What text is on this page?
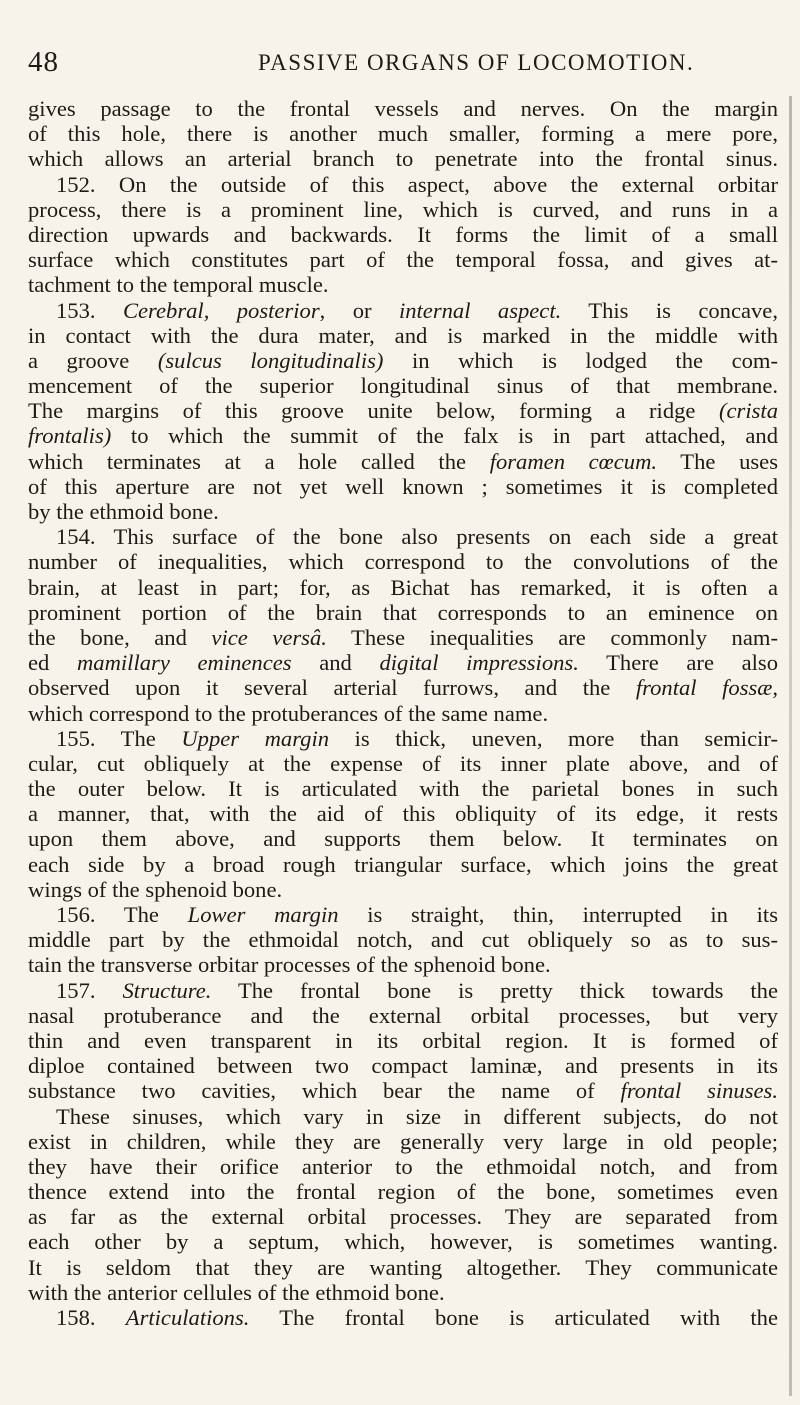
48	PASSIVE ORGANS OF LOCOMOTION.
gives passage to the frontal vessels and nerves. On the margin
of this hole, there is another much smaller, forming a mere pore,
which allows an arterial branch to penetrate into the frontal sinus.
152. On the outside of this aspect, above the external orbitar
process, there is a prominent line, which is curved, and runs in a
direction upwards and backwards. It forms the limit of a small
surface which constitutes part of the temporal fossa, and gives at-
tachment to the temporal muscle.
153. Cerebral, posterior, or internal aspect. This is concave,
in contact with the dura mater, and is marked in the middle with
a groove (sulcus longitudinalis) in which is lodged the com-
mencement of the superior longitudinal sinus of that membrane.
The margins of this groove unite below, forming a ridge (crista
frontalis) to which the summit of the falx is in part attached, and
which terminates at a hole called the foramen cœcum. The uses
of this aperture are not yet well known ; sometimes it is completed
by the ethmoid bone.
154. This surface of the bone also presents on each side a great
number of inequalities, which correspond to the convolutions of the
brain, at least in part; for, as Bichat has remarked, it is often a
prominent portion of the brain that corresponds to an eminence on
the bone, and vice versâ. These inequalities are commonly nam-
ed mamillary eminences and digital impressions. There are also
observed upon it several arterial furrows, and the frontal fossæ,
which correspond to the protuberances of the same name.
155. The Upper margin is thick, uneven, more than semicir-
cular, cut obliquely at the expense of its inner plate above, and of
the outer below. It is articulated with the parietal bones in such
a manner, that, with the aid of this obliquity of its edge, it rests
upon them above, and supports them below. It terminates on
each side by a broad rough triangular surface, which joins the great
wings of the sphenoid bone.
156. The Lower margin is straight, thin, interrupted in its
middle part by the ethmoidal notch, and cut obliquely so as to sus-
tain the transverse orbitar processes of the sphenoid bone.
157. Structure. The frontal bone is pretty thick towards the
nasal protuberance and the external orbital processes, but very
thin and even transparent in its orbital region. It is formed of
diploe contained between two compact laminæ, and presents in its
substance two cavities, which bear the name of frontal sinuses.
These sinuses, which vary in size in different subjects, do not
exist in children, while they are generally very large in old people;
they have their orifice anterior to the ethmoidal notch, and from
thence extend into the frontal region of the bone, sometimes even
as far as the external orbital processes. They are separated from
each other by a septum, which, however, is sometimes wanting.
It is seldom that they are wanting altogether. They communicate
with the anterior cellules of the ethmoid bone.
158. Articulations. The frontal bone is articulated with the
